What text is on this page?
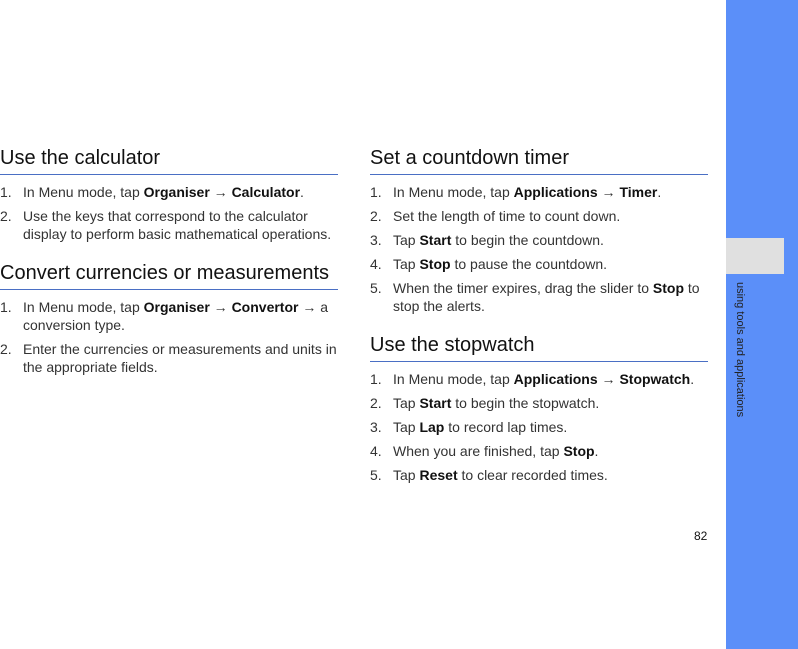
Use the calculator
1. In Menu mode, tap Organiser → Calculator.
2. Use the keys that correspond to the calculator display to perform basic mathematical operations.
Convert currencies or measurements
1. In Menu mode, tap Organiser → Convertor → a conversion type.
2. Enter the currencies or measurements and units in the appropriate fields.
Set a countdown timer
1. In Menu mode, tap Applications → Timer.
2. Set the length of time to count down.
3. Tap Start to begin the countdown.
4. Tap Stop to pause the countdown.
5. When the timer expires, drag the slider to Stop to stop the alerts.
Use the stopwatch
1. In Menu mode, tap Applications → Stopwatch.
2. Tap Start to begin the stopwatch.
3. Tap Lap to record lap times.
4. When you are finished, tap Stop.
5. Tap Reset to clear recorded times.
82
using tools and applications
